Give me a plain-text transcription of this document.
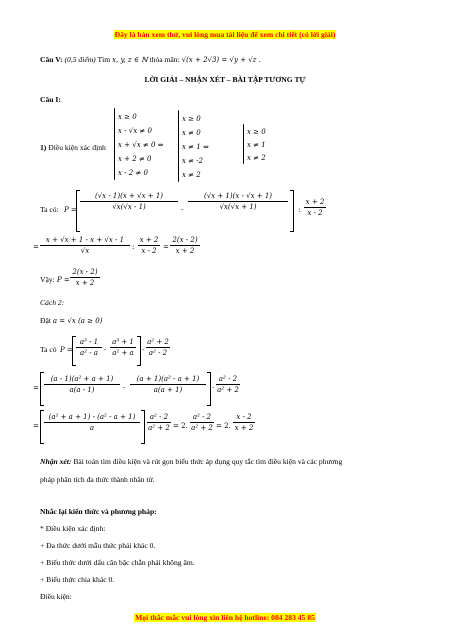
Đây là bản xem thử, vui lòng mua tài liệu để xem chi tiết (có lời giải)
Câu V: (0,5 điểm) Tìm x, y, z ∈ ℕ thỏa mãn: √(x + 2√3) = √y + √z .
LỜI GIẢI – NHẬN XÉT – BÀI TẬP TƯƠNG TỰ
Câu I:
1) Điều kiện xác định
x ≥ 0
x - √x ≠ 0
x + √x ≠ 0 ⇔
x + 2 ≠ 0
x - 2 ≠ 0
x ≥ 0
x ≠ 0
x ≠ 1 ⇔
x ≠ -2
x ≠ 2
x ≥ 0
x ≠ 1
x ≠ 2
Ta có: $P = \frac{(√x - 1)(x + √x + 1)}{√x(√x - 1)} - \frac{(√x + 1)(x - √x + 1)}{√x(√x + 1)}$ : $\frac{x + 2}{x - 2}$
= $\frac{x + √x + 1 - x + √x - 1}{√x}$ : $\frac{x + 2}{x - 2} = \frac{2(x - 2)}{x + 2}$
Vậy: $P = \frac{2(x - 2)}{x + 2}$
Cách 2:
Đặt a = √x (a ≥ 0)
Ta có $P = \frac{\text{a³ - 1}}{\text{a² - a}} - \frac{\text{a³ + 1}}{\text{a² + a}} \cdot \frac{\text{a² + 2}}{\text{a² - 2}}$
= $\frac{\text{(a - 1)(a² + a + 1)}}{a(a - 1)} - \frac{\text{(a + 1)(a² - a + 1)}}{a(a + 1)} \cdot \frac{\text{a² - 2}}{\text{a² + 2}}$
= $\frac{\text{(a² + a + 1) - (a² - a + 1)}}{a} \frac{\text{a² - 2}}{\text{a² + 2}} = 2$. $\frac{\text{a² - 2}}{\text{a² + 2}} = 2$. $\frac{x - 2}{x + 2}$
Nhận xét: Bài toán tìm điều kiện và rút gọn biểu thức áp dụng quy tắc tìm điều kiện và các phương
pháp phân tích đa thức thành nhân tử.
Nhắc lại kiến thức và phương pháp:
* Điều kiện xác định:
+ Đa thức dưới mẫu thức phải khác 0.
+ Biểu thức dưới dấu căn bậc chẵn phải không âm.
+ Biểu thức chia khác 0.
Điều kiện:
Mọi thắc mắc vui lòng xin liên hệ hotline: 084 283 45 85
